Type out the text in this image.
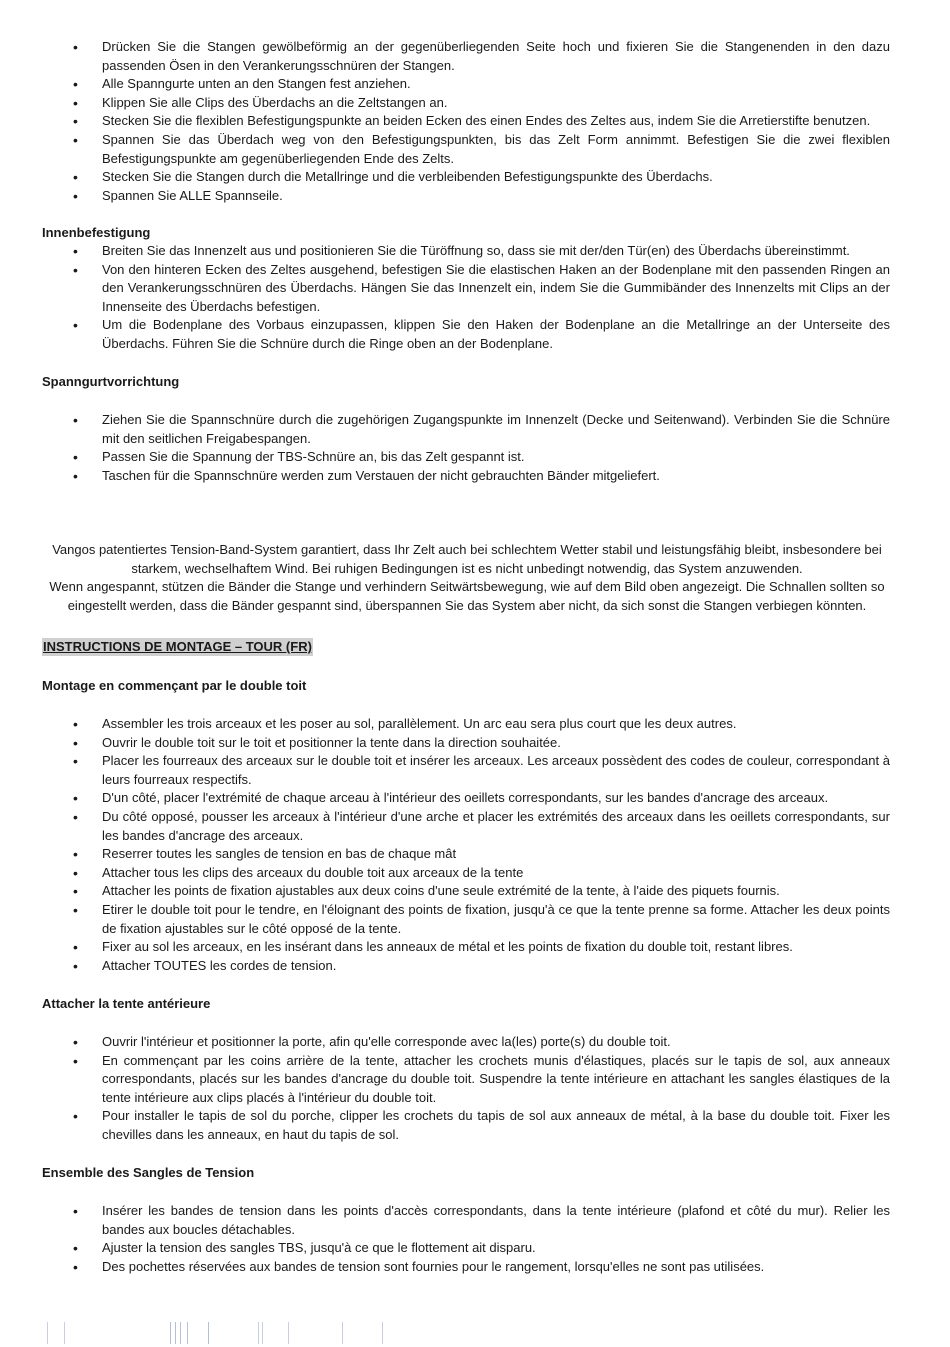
• Drücken Sie die Stangen gewölbeförmig an der gegenüberliegenden Seite hoch und fixieren Sie die Stangenenden in den dazu passenden Ösen in den Verankerungsschnüren der Stangen.
• Alle Spanngurte unten an den Stangen fest anziehen.
• Klippen Sie alle Clips des Überdachs an die Zeltstangen an.
• Stecken Sie die flexiblen Befestigungspunkte an beiden Ecken des einen Endes des Zeltes aus, indem Sie die Arretierstifte benutzen.
• Spannen Sie das Überdach weg von den Befestigungspunkten, bis das Zelt Form annimmt. Befestigen Sie die zwei flexiblen Befestigungspunkte am gegenüberliegenden Ende des Zelts.
• Stecken Sie die Stangen durch die Metallringe und die verbleibenden Befestigungspunkte des Überdachs.
• Spannen Sie ALLE Spannseile.
Innenbefestigung
• Breiten Sie das Innenzelt aus und positionieren Sie die Türöffnung so, dass sie mit der/den Tür(en) des Überdachs übereinstimmt.
• Von den hinteren Ecken des Zeltes ausgehend, befestigen Sie die elastischen Haken an der Bodenplane mit den passenden Ringen an den Verankerungsschnüren des Überdachs. Hängen Sie das Innenzelt ein, indem Sie die Gummibänder des Innenzelts mit Clips an der Innenseite des Überdachs befestigen.
• Um die Bodenplane des Vorbaus einzupassen, klippen Sie den Haken der Bodenplane an die Metallringe an der Unterseite des Überdachs. Führen Sie die Schnüre durch die Ringe oben an der Bodenplane.
Spanngurtvorrichtung
• Ziehen Sie die Spannschnüre durch die zugehörigen Zugangspunkte im Innenzelt (Decke und Seitenwand). Verbinden Sie die Schnüre mit den seitlichen Freigabespangen.
• Passen Sie die Spannung der TBS-Schnüre an, bis das Zelt gespannt ist.
• Taschen für die Spannschnüre werden zum Verstauen der nicht gebrauchten Bänder mitgeliefert.
Vangos patentiertes Tension-Band-System garantiert, dass Ihr Zelt auch bei schlechtem Wetter stabil und leistungsfähig bleibt, insbesondere bei starkem, wechselhaftem Wind. Bei ruhigen Bedingungen ist es nicht unbedingt notwendig, das System anzuwenden.
Wenn angespannt, stützen die Bänder die Stange und verhindern Seitwärtsbewegung, wie auf dem Bild oben angezeigt. Die Schnallen sollten so eingestellt werden, dass die Bänder gespannt sind, überspannen Sie das System aber nicht, da sich sonst die Stangen verbiegen könnten.
INSTRUCTIONS DE MONTAGE – TOUR (FR)
Montage en commençant par le double toit
• Assembler les trois arceaux et les poser au sol, parallèlement. Un arc eau sera plus court que les deux autres.
• Ouvrir le double toit sur le toit et positionner la tente dans la direction souhaitée.
• Placer les fourreaux des arceaux sur le double toit et insérer les arceaux. Les arceaux possèdent des codes de couleur, correspondant à leurs fourreaux respectifs.
• D'un côté, placer l'extrémité de chaque arceau à l'intérieur des oeillets correspondants, sur les bandes d'ancrage des arceaux.
• Du côté opposé, pousser les arceaux à l'intérieur d'une arche et placer les extrémités des arceaux dans les oeillets correspondants, sur les bandes d'ancrage des arceaux.
• Reserrer toutes les sangles de tension en bas de chaque mât
• Attacher tous les clips des arceaux du double toit aux arceaux de la tente
• Attacher les points de fixation ajustables aux deux coins d'une seule extrémité de la tente, à l'aide des piquets fournis.
• Etirer le double toit pour le tendre, en l'éloignant des points de fixation, jusqu'à ce que la tente prenne sa forme. Attacher les deux points de fixation ajustables sur le côté opposé de la tente.
• Fixer au sol les arceaux, en les insérant dans les anneaux de métal et les points de fixation du double toit, restant libres.
• Attacher TOUTES les cordes de tension.
Attacher la tente antérieure
• Ouvrir l'intérieur et positionner la porte, afin qu'elle corresponde avec la(les) porte(s) du double toit.
• En commençant par les coins arrière de la tente, attacher les crochets munis d'élastiques, placés sur le tapis de sol, aux anneaux correspondants, placés sur les bandes d'ancrage du double toit. Suspendre la tente intérieure en attachant les sangles élastiques de la tente intérieure aux clips placés à l'intérieur du double toit.
• Pour installer le tapis de sol du porche, clipper les crochets du tapis de sol aux anneaux de métal, à la base du double toit. Fixer les chevilles dans les anneaux, en haut du tapis de sol.
Ensemble des Sangles de Tension
• Insérer les bandes de tension dans les points d'accès correspondants, dans la tente intérieure (plafond et côté du mur). Relier les bandes aux boucles détachables.
• Ajuster la tension des sangles TBS, jusqu'à ce que le flottement ait disparu.
• Des pochettes réservées aux bandes de tension sont fournies pour le rangement, lorsqu'elles ne sont pas utilisées.
